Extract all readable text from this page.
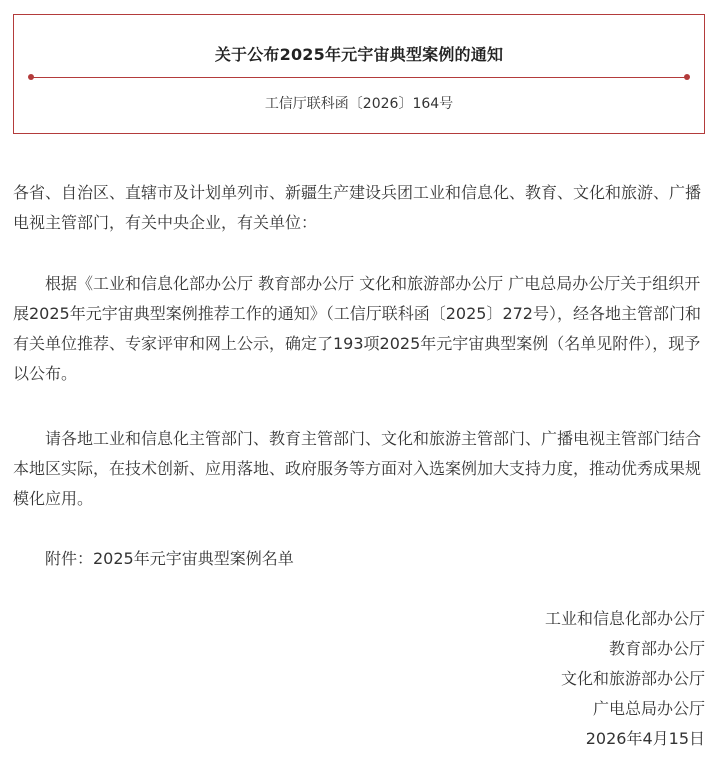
关于公布2025年元宇宙典型案例的通知
工信厅联科函〔2026〕164号

各省、自治区、直辖市及计划单列市、新疆生产建设兵团工业和信息化、教育、文化和旅游、广播电视主管部门，有关中央企业，有关单位：

根据《工业和信息化部办公厅 教育部办公厅 文化和旅游部办公厅 广电总局办公厅关于组织开展2025年元宇宙典型案例推荐工作的通知》（工信厅联科函〔2025〕272号），经各地主管部门和有关单位推荐、专家评审和网上公示，确定了193项2025年元宇宙典型案例（名单见附件），现予以公布。

请各地工业和信息化主管部门、教育主管部门、文化和旅游主管部门、广播电视主管部门结合本地区实际，在技术创新、应用落地、政府服务等方面对入选案例加大支持力度，推动优秀成果规模化应用。

附件：2025年元宇宙典型案例名单

工业和信息化部办公厅
教育部办公厅
文化和旅游部办公厅
广电总局办公厅
2026年4月15日
